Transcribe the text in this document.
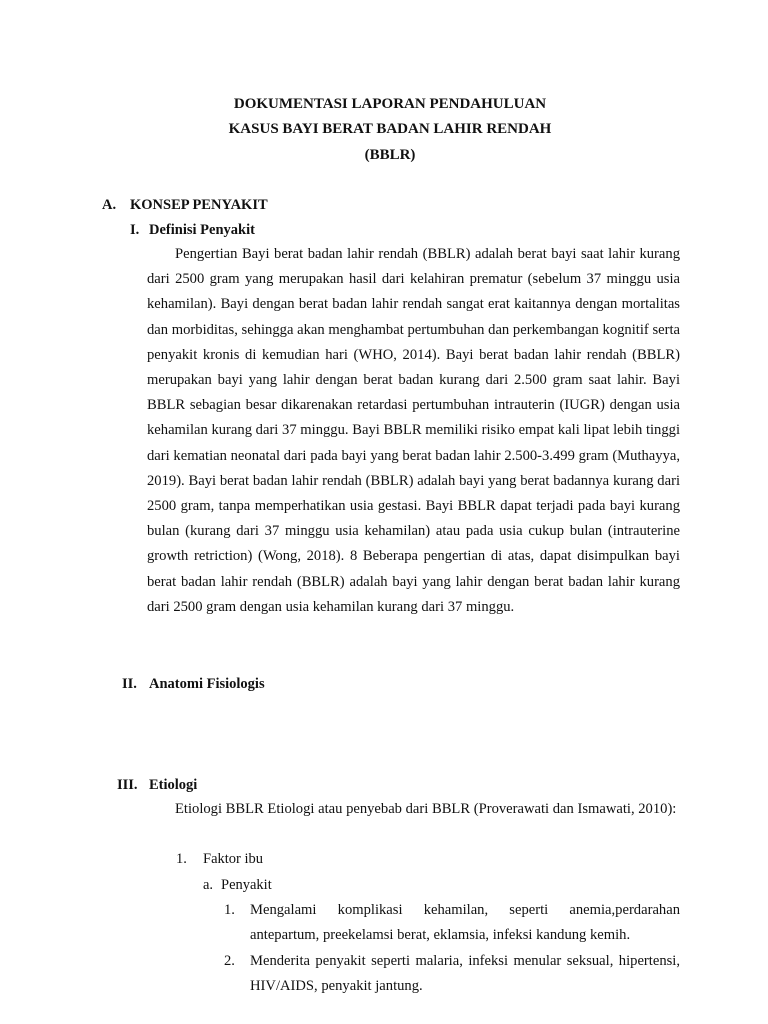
DOKUMENTASI LAPORAN PENDAHULUAN
KASUS BAYI BERAT BADAN LAHIR RENDAH
(BBLR)
A. KONSEP PENYAKIT
I. Definisi Penyakit
Pengertian Bayi berat badan lahir rendah (BBLR) adalah berat bayi saat lahir kurang dari 2500 gram yang merupakan hasil dari kelahiran prematur (sebelum 37 minggu usia kehamilan). Bayi dengan berat badan lahir rendah sangat erat kaitannya dengan mortalitas dan morbiditas, sehingga akan menghambat pertumbuhan dan perkembangan kognitif serta penyakit kronis di kemudian hari (WHO, 2014). Bayi berat badan lahir rendah (BBLR) merupakan bayi yang lahir dengan berat badan kurang dari 2.500 gram saat lahir. Bayi BBLR sebagian besar dikarenakan retardasi pertumbuhan intrauterin (IUGR) dengan usia kehamilan kurang dari 37 minggu. Bayi BBLR memiliki risiko empat kali lipat lebih tinggi dari kematian neonatal dari pada bayi yang berat badan lahir 2.500-3.499 gram (Muthayya, 2019). Bayi berat badan lahir rendah (BBLR) adalah bayi yang berat badannya kurang dari 2500 gram, tanpa memperhatikan usia gestasi. Bayi BBLR dapat terjadi pada bayi kurang bulan (kurang dari 37 minggu usia kehamilan) atau pada usia cukup bulan (intrauterine growth retriction) (Wong, 2018). 8 Beberapa pengertian di atas, dapat disimpulkan bayi berat badan lahir rendah (BBLR) adalah bayi yang lahir dengan berat badan lahir kurang dari 2500 gram dengan usia kehamilan kurang dari 37 minggu.
II. Anatomi Fisiologis
III. Etiologi
Etiologi BBLR Etiologi atau penyebab dari BBLR (Proverawati dan Ismawati, 2010):
1. Faktor ibu
a. Penyakit
1. Mengalami komplikasi kehamilan, seperti anemia,perdarahan antepartum, preekelamsi berat, eklamsia, infeksi kandung kemih.
2. Menderita penyakit seperti malaria, infeksi menular seksual, hipertensi, HIV/AIDS, penyakit jantung.
